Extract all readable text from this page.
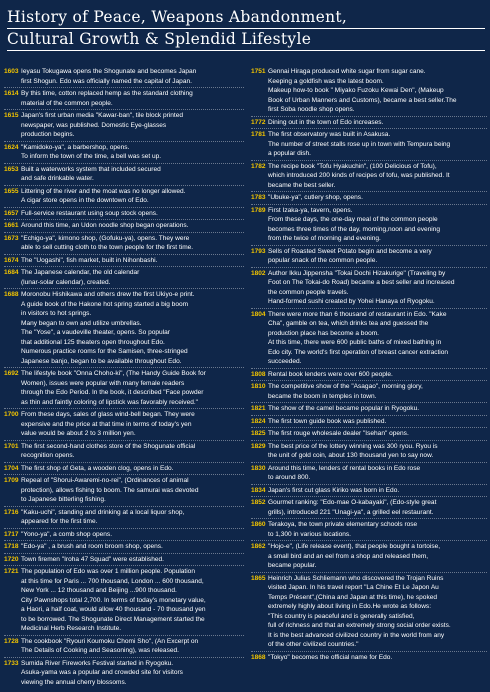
History of Peace, Weapons Abandonment,
Cultural Growth & Splendid Lifestyle
1603 Ieyasu Tokugawa opens the Shogunate and becomes Japan
first Shogun. Edo was officially named the capital of Japan.
1614 By this time, cotton replaced hemp as the standard clothing
material of the common people.
1615 Japan's first urban media "Kawar-ban", tile block printed
newspaper, was published. Domestic Eye-glasses
production begins.
1624 "Kamidoko-ya", a barbershop, opens.
To inform the town of the time, a bell was set up.
1653 Built a waterworks system that included secured
and safe drinkable water.
1655 Littering of the river and the moat was no longer allowed.
A cigar store opens in the downtown of Edo.
1657 Full-service restaurant using soup stock opens.
1661 Around this time, an Udon noodle shop began operations.
1673 "Echigo-ya", kimono shop, (Gofuku-ya), opens. They were
able to sell cutting cloth to the town people for the first time.
1674 The "Uogashi", fish market, built in Nihonbashi.
1684 The Japanese calendar, the old calendar
(lunar-solar calendar), created.
1688 Moronobu Hishikawa and others drew the first Ukiyo-e print.
A guide book of the Hakone hot spring started a big boom
in visitors to hot springs.
Many began to own and utilize umbrellas.
The "Yose", a vaudeville theater, opens. So popular
that additional 125 theaters open throughout Edo.
Numerous practice rooms for the Samisen, three-stringed
Japanese banjo, began to be available throughout Edo.
1692 The lifestyle book "Onna Choho-ki", (The Handy Guide Book for
Women), issues were popular with many female readers
through the Edo Period. In the book, it described "Face powder
as thin and faintly coloring of lipstick was favorably received."
1700 From these days, sales of glass wind-bell began. They were
expensive and the price at that time in terms of today's yen
value would be about 2 to 3 million yen.
1701 The first second-hand clothes store of the Shogunate official
recognition opens.
1704 The first shop of Geta, a wooden clog, opens in Edo.
1709 Repeal of "Shorui-Awaremi-no-rei", (Ordinances of animal
protection), allows fishing to boom. The samurai was devoted
to Japanese bitterling fishing.
1716 "Kaku-uchi", standing and drinking at a local liquor shop,
appeared for the first time.
1717 "Yono-ya", a comb shop opens.
1718 "Edo-ya" , a brush and room broom shop, opens.
1720 Town firemen "Iroha 47 Squad" were established.
1721 The population of Edo was over 1 million people. Population
at this time for Paris ... 700 thousand, London ... 600 thousand,
New York ... 12 thousand and Beijing ...900 thousand.
City Pawnshops total 2,700. In terms of today's monetary value,
a Haori, a half coat, would allow 40 thousand - 70 thousand yen
to be borrowed. The Shogunate Direct Management started the
Medicinal Herb Research Institute.
1728 The cookbook "Ryouri Koumoku Chomi Sho", (An Excerpt on
The Details of Cooking and Seasoning), was released.
1733 Sumida River Fireworks Festival started in Ryogoku.
Asuka-yama was a popular and crowded site for visitors
viewing the annual cherry blossoms.
1751 Gennai Hiraga produced white sugar from sugar cane.
Keeping a goldfish was the latest boom.
Makeup how-to book " Miyako Fuzoku Kewai Den", (Makeup
Book of Urban Manners and Customs), became a best seller.The
first Soba noodle shop opens.
1772 Dining out in the town of Edo increases.
1781 The first observatory was built in Asakusa.
The number of street stalls rose up in town with Tempura being
a popular dish.
1782 The recipe book "Tofu Hyakuchin", (100 Delicious of Tofu),
which introduced 200 kinds of recipes of tofu, was published. It
became the best seller.
1783 "Ubuke-ya", cutlery shop, opens.
1789 First Izaka-ya, tavern, opens.
From these days, the one-day meal of the common people
becomes three times of the day, morning,noon and evening
from the twice of morning and evening.
1793 Sells of Roasted Sweet Potato begin and become a very
popular snack of the common people.
1802 Author Ikku Jippensha "Tokai Dochi Hizakurige" (Traveling by
Foot on The Tokai-do Road) became a best seller and increased
the common people travels.
Hand-formed sushi created by Yohei Hanaya of Ryogoku.
1804 There were more than 6 thousand of restaurant in Edo. "Kake
Cha", gamble on tea, which drinks tea and guessed the
production place has become a boom.
At this time, there were 600 public baths of mixed bathing in
Edo city. The world's first operation of breast cancer extraction
succeeded.
1808 Rental book lenders were over 600 people.
1810 The competitive show of the "Asagao", morning glory,
became the boom in temples in town.
1821 The show of the camel became popular in Ryogoku.
1824 The first town guide book was published.
1825 The first rouge wholesale dealer "Isehan" opens.
1829 The best price of the lottery winning was 300 ryou. Ryou is
the unit of gold coin, about 130 thousand yen to say now.
1830 Around this time, lenders of rental books in Edo rose
to around 800.
1834 Japan's first cut glass Kiriko was born in Edo.
1852 Gourmet ranking: "Edo-mae O-kabayaki", (Edo-style great
grills), introduced 221 "Unagi-ya", a grilled eel restaurant.
1860 Terakoya, the town private elementary schools rose
to 1,300 in various locations.
1862 "Hojo-e", (Life release event), that people bought a tortoise,
a small bird and an eel from a shop and released them,
became popular.
1865 Heinrich Julius Schliemann who discovered the Trojan Ruins
visited Japan. In his travel report "La Chine Et Le Japon Au
Temps Présent",(China and Japan at this time), he spoked
extremely highly about living in Edo.He wrote as follows:
"This country is peaceful and is generally satisfied,
full of richness and that an extremely strong social order exists.
It is the best advanced civilized country in the world from any
of the other civilized countries."
1868 "Tokyo" becomes the official name for Edo.
